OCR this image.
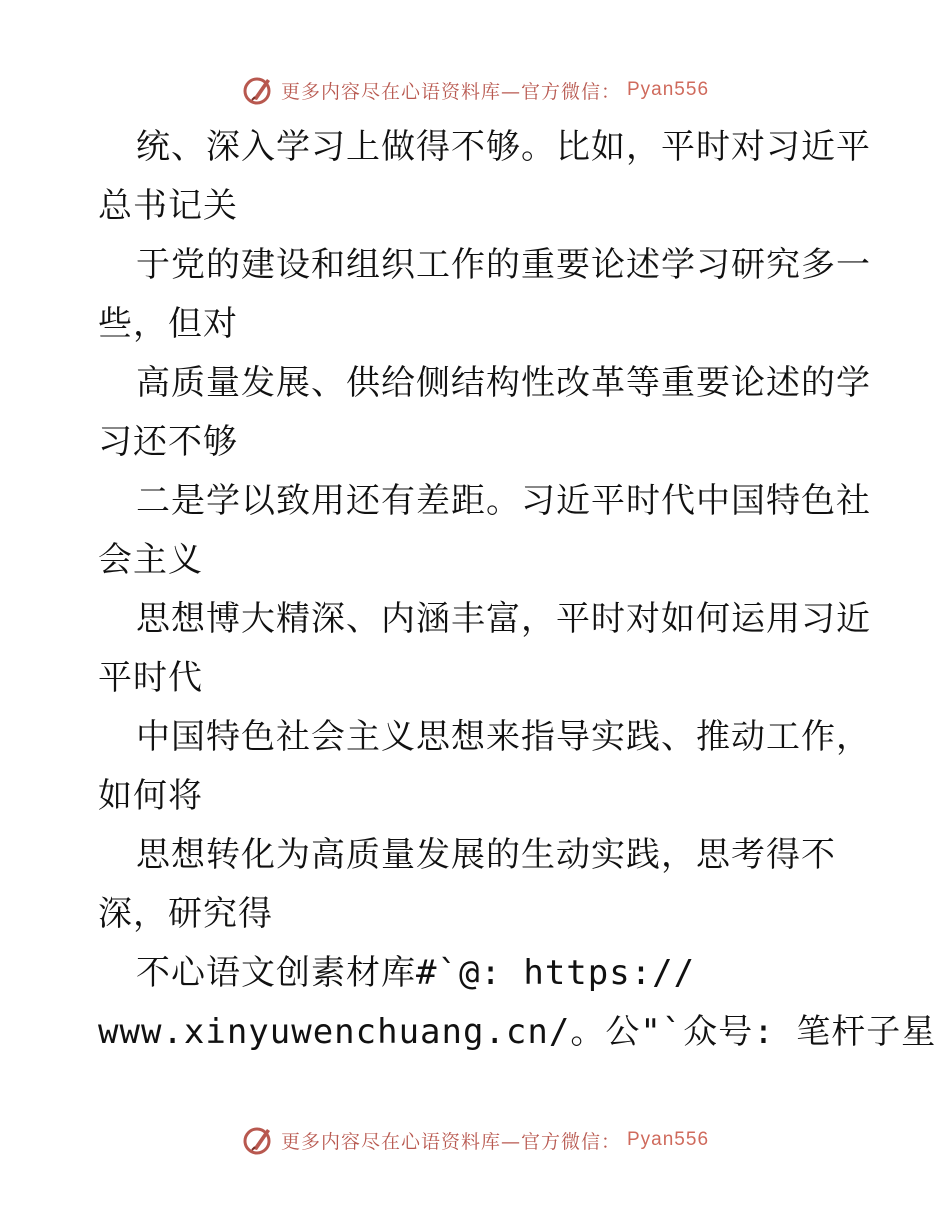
更多内容尽在心语资料库—官方微信： Pyan556
统、深入学习上做得不够。比如，平时对习近平
总书记关
于党的建设和组织工作的重要论述学习研究多一
些，但对
高质量发展、供给侧结构性改革等重要论述的学
习还不够
二是学以致用还有差距。习近平时代中国特色社
会主义
思想博大精深、内涵丰富，平时对如何运用习近
平时代
中国特色社会主义思想来指导实践、推动工作，
如何将
思想转化为高质量发展的生动实践，思考得不
深，研究得
不心语文创素材库#`@: https://
www.xinyuwenchuang.cn/。公"`众号: 笔杆子星
更多内容尽在心语资料库—官方微信： Pyan556
